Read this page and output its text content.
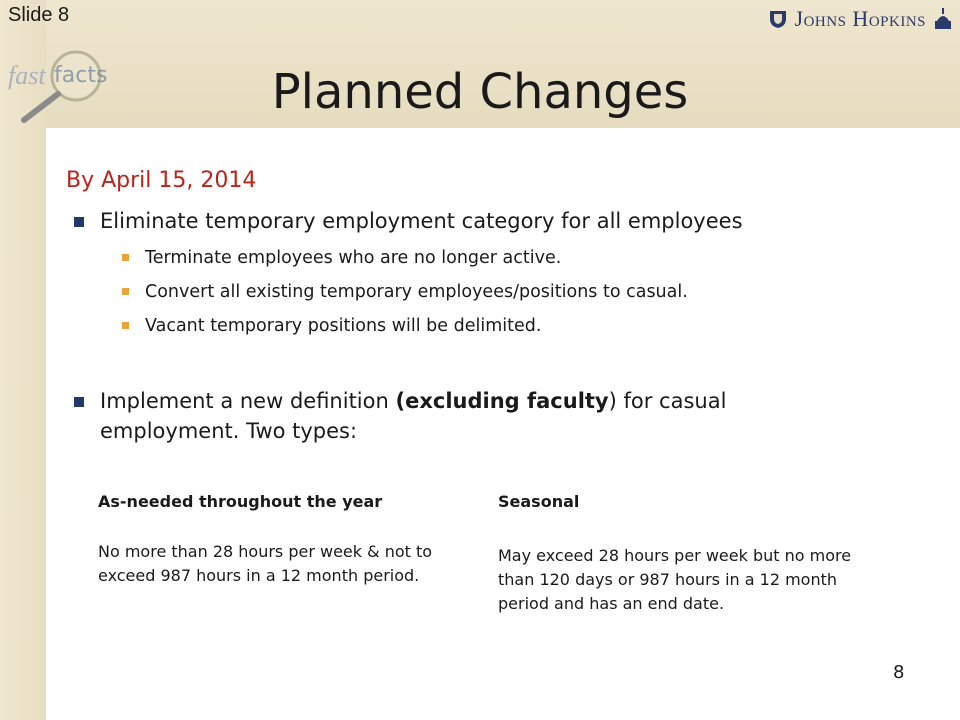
Slide 8	Johns Hopkins
fast facts	Planned Changes
By April 15, 2014
Eliminate temporary employment category for all employees
Terminate employees who are no longer active.
Convert all existing temporary employees/positions to casual.
Vacant temporary positions will be delimited.
Implement a new definition (excluding faculty) for casual employment. Two types:
As-needed throughout the year
No more than 28 hours per week & not to exceed 987 hours in a 12 month period.
Seasonal
May exceed 28 hours per week but no more than 120 days or 987 hours in a 12 month period and has an end date.
8
